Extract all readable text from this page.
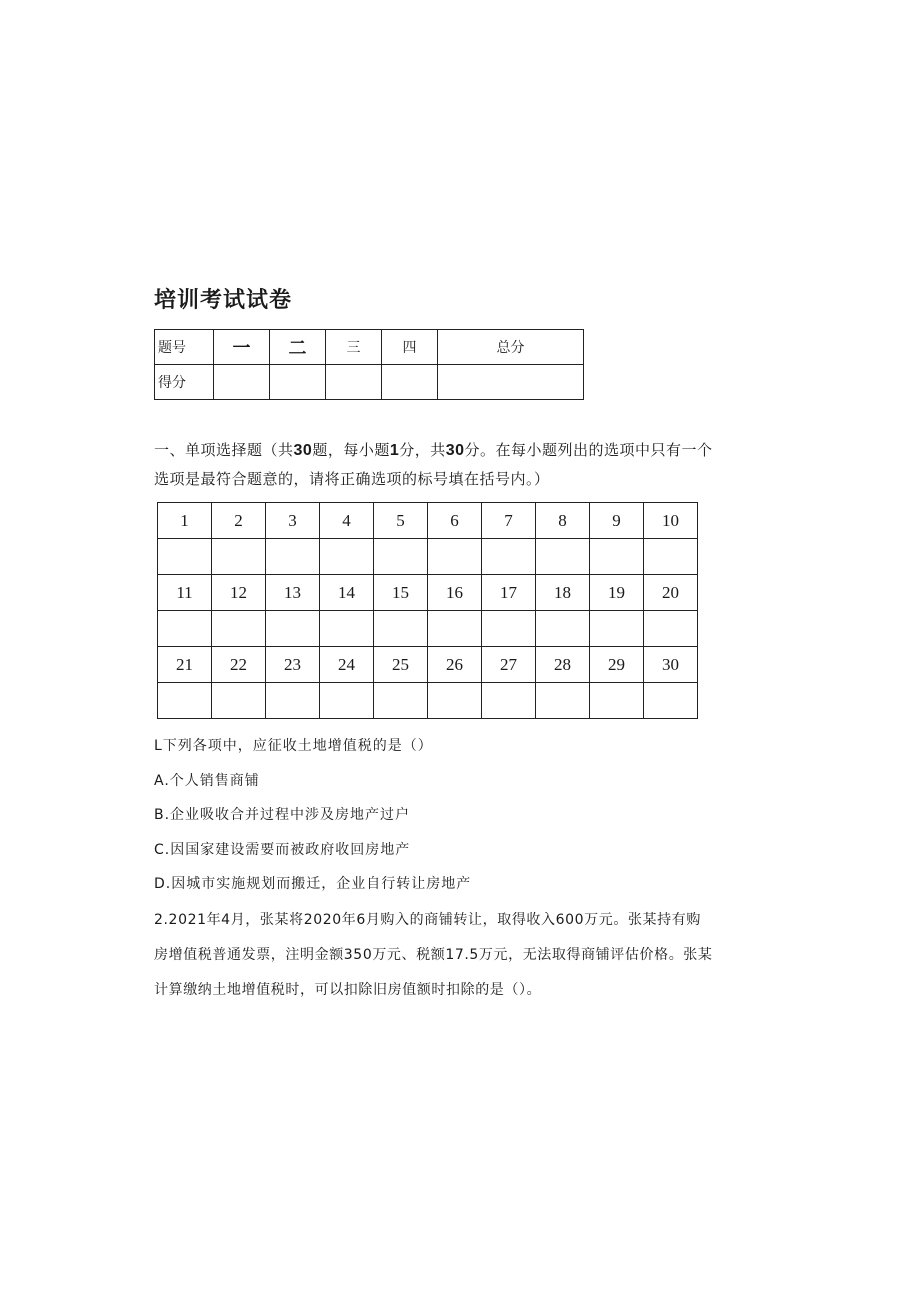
培训考试试卷
题号	一	二	三	四	总分
得分					
一、单项选择题（共30题，每小题1分，共30分。在每小题列出的选项中只有一个选项是最符合题意的，请将正确选项的标号填在括号内。）
1	2	3	4	5	6	7	8	9	10

11	12	13	14	15	16	17	18	19	20

21	22	23	24	25	26	27	28	29	30

L下列各项中，应征收土地增值税的是（）
A.个人销售商铺
B.企业吸收合并过程中涉及房地产过户
C.因国家建设需要而被政府收回房地产
D.因城市实施规划而搬迁，企业自行转让房地产
2.2021年4月，张某将2020年6月购入的商铺转让，取得收入600万元。张某持有购房增值税普通发票，注明金额350万元、税额17.5万元，无法取得商铺评估价格。张某计算缴纳土地增值税时，可以扣除旧房值额时扣除的是（）。
